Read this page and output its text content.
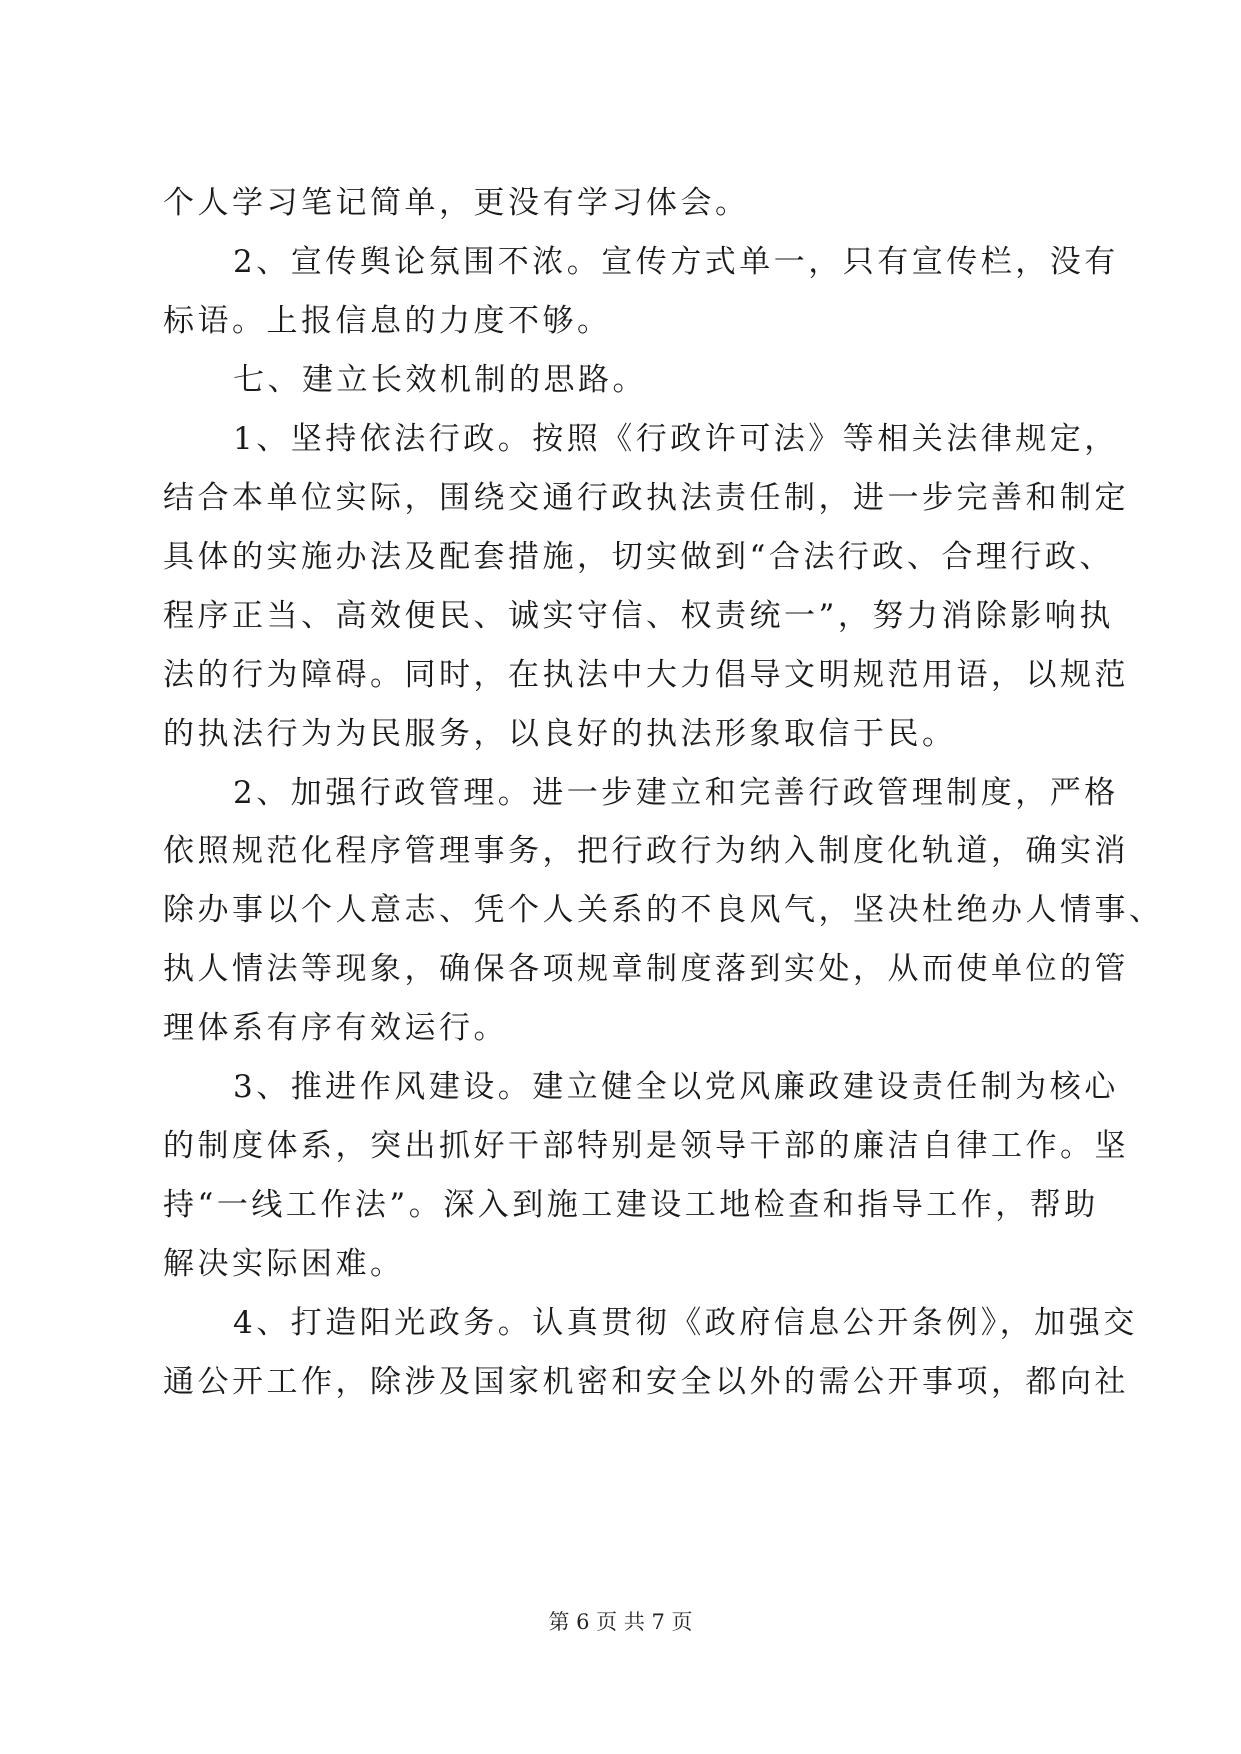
个人学习笔记简单，更没有学习体会。
2、宣传舆论氛围不浓。宣传方式单一，只有宣传栏，没有
标语。上报信息的力度不够。
七、建立长效机制的思路。
1、坚持依法行政。按照《行政许可法》等相关法律规定，
结合本单位实际，围绕交通行政执法责任制，进一步完善和制定
具体的实施办法及配套措施，切实做到“合法行政、合理行政、
程序正当、高效便民、诚实守信、权责统一”，努力消除影响执
法的行为障碍。同时，在执法中大力倡导文明规范用语，以规范
的执法行为为民服务，以良好的执法形象取信于民。
2、加强行政管理。进一步建立和完善行政管理制度，严格
依照规范化程序管理事务，把行政行为纳入制度化轨道，确实消
除办事以个人意志、凭个人关系的不良风气，坚决杜绝办人情事、
执人情法等现象，确保各项规章制度落到实处，从而使单位的管
理体系有序有效运行。
3、推进作风建设。建立健全以党风廉政建设责任制为核心
的制度体系，突出抓好干部特别是领导干部的廉洁自律工作。坚
持“一线工作法”。深入到施工建设工地检查和指导工作，帮助
解决实际困难。
4、打造阳光政务。认真贯彻《政府信息公开条例》，加强交
通公开工作，除涉及国家机密和安全以外的需公开事项，都向社
第 6 页 共 7 页
